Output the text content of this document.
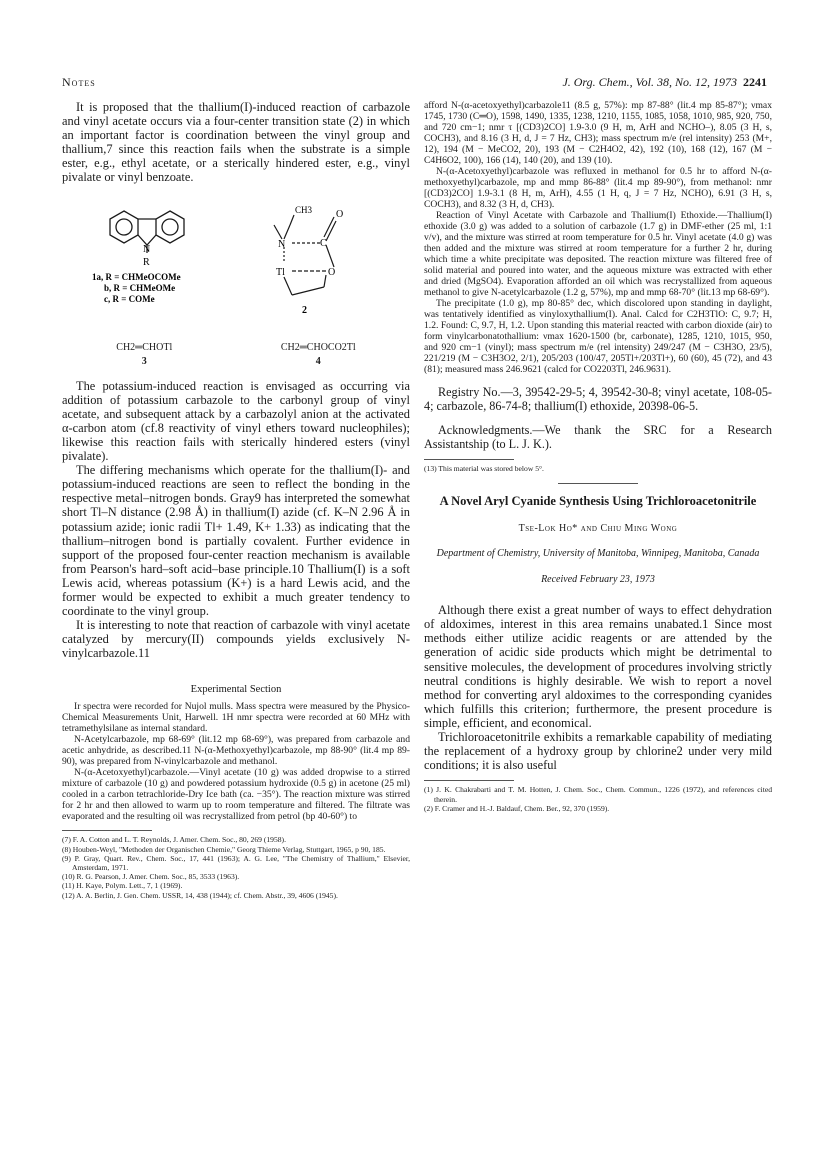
Notes	J. Org. Chem., Vol. 38, No. 12, 1973 2241

It is proposed that the thallium(I)-induced reaction of carbazole and vinyl acetate occurs via a four-center transition state (2) in which an important factor is coordination between the vinyl group and thallium,7 since this reaction fails when the substrate is a simple ester, e.g., ethyl acetate, or a sterically hindered ester, e.g., vinyl pivalate or vinyl benzoate.

N
R
1a, R = CHMeOCOMe
b, R = CHMeOMe
c, R = COMe
CH3
N	C
O
Tl	O
2
CH2═CHOTl
3
CH2═CHOCO2Tl
4

The potassium-induced reaction is envisaged as occurring via addition of potassium carbazole to the carbonyl group of vinyl acetate, and subsequent attack by a carbazolyl anion at the activated α-carbon atom (cf.8 reactivity of vinyl ethers toward nucleophiles); likewise this reaction fails with sterically hindered esters (vinyl pivalate).

The differing mechanisms which operate for the thallium(I)- and potassium-induced reactions are seen to reflect the bonding in the respective metal–nitrogen bonds. Gray9 has interpreted the somewhat short Tl–N distance (2.98 Å) in thallium(I) azide (cf. K–N 2.96 Å in potassium azide; ionic radii Tl+ 1.49, K+ 1.33) as indicating that the thallium–nitrogen bond is partially covalent. Further evidence in support of the proposed four-center reaction mechanism is available from Pearson's hard–soft acid–base principle.10 Thallium(I) is a soft Lewis acid, whereas potassium (K+) is a hard Lewis acid, and the former would be expected to exhibit a much greater tendency to coordinate to the vinyl group.

It is interesting to note that reaction of carbazole with vinyl acetate catalyzed by mercury(II) compounds yields exclusively N-vinylcarbazole.11

Experimental Section

Ir spectra were recorded for Nujol mulls. Mass spectra were measured by the Physico-Chemical Measurements Unit, Harwell. 1H nmr spectra were recorded at 60 MHz with tetramethylsilane as internal standard.

N-Acetylcarbazole, mp 68-69° (lit.12 mp 68-69°), was prepared from carbazole and acetic anhydride, as described.11 N-(α-Methoxyethyl)carbazole, mp 88-90° (lit.4 mp 89-90), was prepared from N-vinylcarbazole and methanol.

N-(α-Acetoxyethyl)carbazole.—Vinyl acetate (10 g) was added dropwise to a stirred mixture of carbazole (10 g) and powdered potassium hydroxide (0.5 g) in acetone (25 ml) cooled in a carbon tetrachloride-Dry Ice bath (ca. −35°). The reaction mixture was stirred for 2 hr and then allowed to warm up to room temperature and filtered. The filtrate was evaporated and the resulting oil was recrystallized from petrol (bp 40-60°) to

(7) F. A. Cotton and L. T. Reynolds, J. Amer. Chem. Soc., 80, 269 (1958).

(8) Houben-Weyl, "Methoden der Organischen Chemie," Georg Thieme Verlag, Stuttgart, 1965, p 90, 185.

(9) P. Gray, Quart. Rev., Chem. Soc., 17, 441 (1963); A. G. Lee, "The Chemistry of Thallium," Elsevier, Amsterdam, 1971.

(10) R. G. Pearson, J. Amer. Chem. Soc., 85, 3533 (1963).

(11) H. Kaye, Polym. Lett., 7, 1 (1969).

(12) A. A. Berlin, J. Gen. Chem. USSR, 14, 438 (1944); cf. Chem. Abstr., 39, 4606 (1945).

afford N-(α-acetoxyethyl)carbazole11 (8.5 g, 57%): mp 87-88° (lit.4 mp 85-87°); νmax 1745, 1730 (C═O), 1598, 1490, 1335, 1238, 1210, 1155, 1085, 1058, 1010, 985, 920, 750, and 720 cm−1; nmr τ [(CD3)2CO] 1.9-3.0 (9 H, m, ArH and NCHO–), 8.05 (3 H, s, COCH3), and 8.16 (3 H, d, J = 7 Hz, CH3); mass spectrum m/e (rel intensity) 253 (M+, 12), 194 (M − MeCO2, 20), 193 (M − C2H4O2, 42), 192 (10), 168 (12), 167 (M − C4H6O2, 100), 166 (14), 140 (20), and 139 (10).

N-(α-Acetoxyethyl)carbazole was refluxed in methanol for 0.5 hr to afford N-(α-methoxyethyl)carbazole, mp and mmp 86-88° (lit.4 mp 89-90°), from methanol: nmr [(CD3)2CO] 1.9-3.1 (8 H, m, ArH), 4.55 (1 H, q, J = 7 Hz, NCHO), 6.91 (3 H, s, COCH3), and 8.32 (3 H, d, CH3).

Reaction of Vinyl Acetate with Carbazole and Thallium(I) Ethoxide.—Thallium(I) ethoxide (3.0 g) was added to a solution of carbazole (1.7 g) in DMF-ether (25 ml, 1:1 v/v), and the mixture was stirred at room temperature for 0.5 hr. Vinyl acetate (4.0 g) was then added and the mixture was stirred at room temperature for a further 2 hr, during which time a white precipitate was deposited. The reaction mixture was filtered free of solid material and poured into water, and the aqueous mixture was extracted with ether and dried (MgSO4). Evaporation afforded an oil which was recrystallized from aqueous methanol to give N-acetylcarbazole (1.2 g, 57%), mp and mmp 68-70° (lit.13 mp 68-69°).

The precipitate (1.0 g), mp 80-85° dec, which discolored upon standing in daylight, was tentatively identified as vinyloxythallium(I). Anal. Calcd for C2H3TlO: C, 9.7; H, 1.2. Found: C, 9.7, H, 1.2. Upon standing this material reacted with carbon dioxide (air) to form vinylcarbonatothallium: νmax 1620-1500 (br, carbonate), 1285, 1210, 1015, 950, and 920 cm−1 (vinyl); mass spectrum m/e (rel intensity) 249/247 (M − C3H3O, 23/5), 221/219 (M − C3H3O2, 2/1), 205/203 (100/47, 205Tl+/203Tl+), 60 (60), 45 (72), and 43 (81); measured mass 246.9621 (calcd for CO2203Tl, 246.9631).

Registry No.—3, 39542-29-5; 4, 39542-30-8; vinyl acetate, 108-05-4; carbazole, 86-74-8; thallium(I) ethoxide, 20398-06-5.

Acknowledgments.—We thank the SRC for a Research Assistantship (to L. J. K.).

(13) This material was stored below 5°.

A Novel Aryl Cyanide Synthesis Using Trichloroacetonitrile
Tse-Lok Ho* and Chiu Ming Wong
Department of Chemistry, University of Manitoba, Winnipeg, Manitoba, Canada
Received February 23, 1973

Although there exist a great number of ways to effect dehydration of aldoximes, interest in this area remains unabated.1 Since most methods either utilize acidic reagents or are attended by the generation of acidic side products which might be detrimental to sensitive molecules, the development of procedures involving strictly neutral conditions is highly desirable. We wish to report a novel method for converting aryl aldoximes to the corresponding cyanides which fulfills this criterion; furthermore, the present procedure is simple, efficient, and economical.

Trichloroacetonitrile exhibits a remarkable capability of mediating the replacement of a hydroxy group by chlorine2 under very mild conditions; it is also useful

(1) J. K. Chakrabarti and T. M. Hotten, J. Chem. Soc., Chem. Commun., 1226 (1972), and references cited therein.

(2) F. Cramer and H.-J. Baldauf, Chem. Ber., 92, 370 (1959).
